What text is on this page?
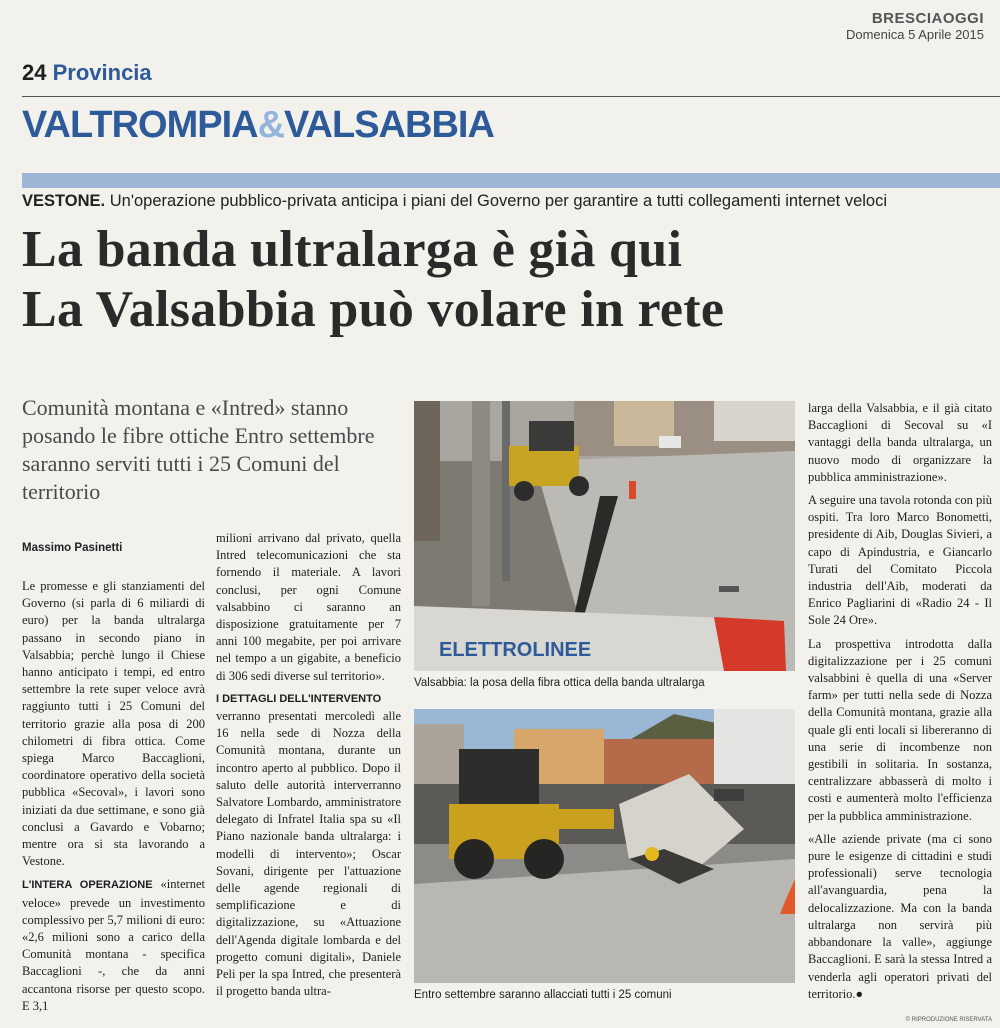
BRESCIAOGGI
Domenica 5 Aprile 2015
24 Provincia
VALTROMPIA&VALSABBIA
VESTONE. Un'operazione pubblico-privata anticipa i piani del Governo per garantire a tutti collegamenti internet veloci
La banda ultralarga è già qui
La Valsabbia può volare in rete
Comunità montana e «Intred» stanno posando le fibre ottiche Entro settembre saranno serviti tutti i 25 Comuni del territorio
Massimo Pasinetti

Le promesse e gli stanziamenti del Governo (si parla di 6 miliardi di euro) per la banda ultralarga passano in secondo piano in Valsabbia; perchè lungo il Chiese hanno anticipato i tempi, ed entro settembre la rete super veloce avrà raggiunto tutti i 25 Comuni del territorio grazie alla posa di 200 chilometri di fibra ottica. Come spiega Marco Baccaglioni, coordinatore operativo della società pubblica «Secoval», i lavori sono iniziati da due settimane, e sono già conclusi a Gavardo e Vobarno; mentre ora si sta lavorando a Vestone.

L'INTERA OPERAZIONE «internet veloce» prevede un investimento complessivo per 5,7 milioni di euro: «2,6 milioni sono a carico della Comunità montana - specifica Baccaglioni -, che da anni accantona risorse per questo scopo. E 3,1

milioni arrivano dal privato, quella Intred telecomunicazioni che sta fornendo il materiale. A lavori conclusi, per ogni Comune valsabbino ci saranno an disposizione gratuitamente per 7 anni 100 megabite, per poi arrivare nel tempo a un gigabite, a beneficio di 306 sedi diverse sul territorio».

I DETTAGLI DELL'INTERVENTO

verranno presentati mercoledì alle 16 nella sede di Nozza della Comunità montana, durante un incontro aperto al pubblico. Dopo il saluto delle autorità interverranno Salvatore Lombardo, amministratore delegato di Infratel Italia spa su «Il Piano nazionale banda ultralarga: i modelli di intervento»; Oscar Sovani, dirigente per l'attuazione delle agende regionali di semplificazione e di digitalizzazione, su «Attuazione dell'Agenda digitale lombarda e del progetto comuni digitali», Daniele Peli per la spa Intred, che presenterà il progetto banda ultra-

ELETTROLINEE
Valsabbia: la posa della fibra ottica della banda ultralarga
Entro settembre saranno allacciati tutti i 25 comuni

larga della Valsabbia, e il già citato Baccaglioni di Secoval su «I vantaggi della banda ultralarga, un nuovo modo di organizzare la pubblica amministrazione».

A seguire una tavola rotonda con più ospiti. Tra loro Marco Bonometti, presidente di Aib, Douglas Sivieri, a capo di Apindustria, e Giancarlo Turati del Comitato Piccola industria dell'Aib, moderati da Enrico Pagliarini di «Radio 24 - Il Sole 24 Ore».

La prospettiva introdotta dalla digitalizzazione per i 25 comuni valsabbini è quella di una «Server farm» per tutti nella sede di Nozza della Comunità montana, grazie alla quale gli enti locali si libereranno di una serie di incombenze non gestibili in solitaria. In sostanza, centralizzare abbasserà di molto i costi e aumenterà molto l'efficienza per la pubblica amministrazione.

«Alle aziende private (ma ci sono pure le esigenze di cittadini e studi professionali) serve tecnologia all'avanguardia, pena la delocalizzazione. Ma con la banda ultralarga non servirà più abbandonare la valle», aggiunge Baccaglioni. E sarà la stessa Intred a venderla agli operatori privati del territorio.●

© RIPRODUZIONE RISERVATA
